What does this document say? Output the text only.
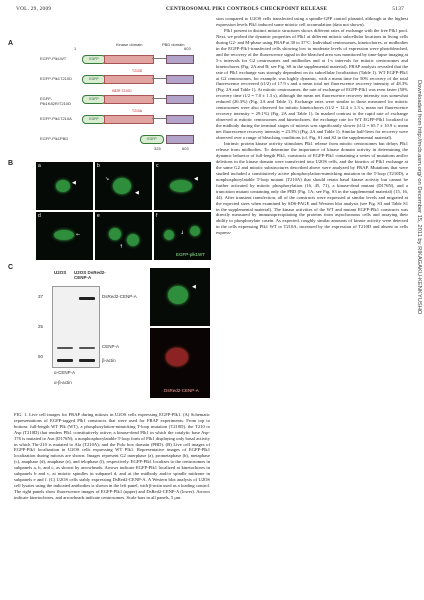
VOL. 29, 2009	CENTROSOMAL PIK1 CONTROLS CHECKPOINT RELEASE	5137
A	Kinase domain	PBD domain
1	603
EGFP-Plk1WT	EGFP
EGFP-Plk1T210D	EGFP
T210D
EGFP-Plk1K82R/T210D
EGFP
K82R T210D
EGFP-Plk1T210A	EGFP
T210A
EGFP-Plk1PBD	EGFP
325	603
B	a
◀
b
↘
◀
c
◀
d
←
e
↑
f
↓
EGFP-plk1WT
C
U2OS U2OS DsRed2-CENP-A
37
25
50
DsRed2-CENP-A
CENP-A
β-actin
α-CENP-A
α-β-actin
◀
DsRed2-CENP-A
FIG. 1. Live cell images for FRAP during mitosis in U2OS cells expressing EGFP-Plk1. (A) Schematic representations of EGFP-tagged Plk1 constructs that were used for FRAP experiments. From top to bottom: full-length WT Plk (WT), a phosphorylation-mimicking T-loop mutation (T210D), the T210 to Asp (T210D) that renders Plk1 constitutively active; a kinase-dead Plk1 in which the catalytic base Asp-176 is mutated to Asn (D176N); a nonphosphorylatable T-loop form of Plk1 displaying only basal activity in which Thr-210 is mutated to Ala (T210A); and the Polo box domain (PBD). (B) Live cell images of EGFP-Plk1 localization in U2OS cells expressing WT Plk1. Representative images of EGFP-Plk1 localization during mitosis are shown. Images represent G2 interphase (a), prometaphase (b), metaphase (c), anaphase (d), anaphase (e), and telophase (f), respectively. EGFP-Plk1 localizes to the centrosomes in subpanels a, b, and c, as shown by arrowheads. Arrows indicate EGFP-Plk1 localized at kinetochores in subpanels b and c, at mitotic spindles in subpanel d, and at the midbody and/or spindle midzone in subpanels e and f. (C) U2OS cells stably expressing DsRed2-CENP-A. A Western blot analysis of U2OS cell lysates using the indicated antibodies is shown in the left panel, with β-actin used as a loading control. The right panels show fluorescence images of EGFP-Plk1 (upper) and DsRed2-CENP-A (lower). Arrows indicate kinetochores, and arrowheads indicate centrosomes. Scale bars in all panels, 5 μm.

sion compared to U2OS cells transfected using a spindle-GFP control plasmid, although at the highest expression levels Plk1 induced some mitotic cell accumulation (data not shown).

Plk1 present in distinct mitotic structures shows different rates of exchange with the free Plk1 pool. Next, we probed the dynamic properties of Plk1 at different mitotic subcellular locations in living cells during G2- and M-phase using FRAP at 30 to 37°C. Individual centrosomes, kinetochores, or midbodies in the EGFP-Plk1-transfected cells showing low to moderate levels of expression were photobleached, and the recovery of the fluorescence signal in the bleached area was monitored by time-lapse imaging at 5-s intervals for G2 centrosomes and midbodies and at 1-s intervals for mitotic centrosomes and kinetochores (Fig. 2A and B; see Fig. S8 in the supplemental material). FRAP analysis revealed that the rate of Plk1 exchange was strongly dependent on its subcellular localization (Table 1). WT EGFP-Plk1 at G2 centrosomes, for example, was highly dynamic, with a mean time for 50% recovery of the total fluorescence recovered (t1/2) of 17.9 s and a mean total net fluorescence recovery intensity of 48.3% (Fig. 2A and Table 1). At mitotic centrosomes, the rate of exchange of EGFP-Plk1 was even faster (50% recovery time t1/2 = 7.0 ± 1.3 s), although the mean net fluorescence recovery intensity was somewhat reduced (26.3%) (Fig. 2A and Table 1). Exchange rates were similar to those measured for mitotic centrosomes were also observed for mitotic kinetochores (t1/2 = 12.4 ± 1.3 s, mean net fluorescence recovery intensity = 29.1%) (Fig. 2A and Table 1). In marked contrast to the rapid rate of exchange observed at mitotic centrosomes and kinetochores, the exchange rate for WT EGFP-Plk1 localized to the midbody during the terminal stages of mitosis was significantly slower (t1/2 = 65.7 ± 10.9 s; mean net fluorescence recovery intensity = 23.5%) (Fig. 2A and Table 1). Similar half-lives for recovery were observed over a range of bleaching conditions (cf. Fig. S1 and S2 in the supplemental material).

Intrinsic protein kinase activity stimulates Plk1 release from mitotic centrosomes but delays Plk1 release from midbodies. To determine the importance of kinase domain activity in determining the dynamic behavior of full-length Plk1, constructs of EGFP-Plk1 containing a series of mutations and/or deletions in the kinase domain were transfected into U2OS cells, and the kinetics of Plk1 exchange at the same G2 and mitotic substructures described above were analyzed by FRAP. Mutations that were studied included a constitutively active phosphorylation-mimicking mutation in the T-loop (T210D), a nonphosphorylatable T-loop mutant (T210A) that should retain basal kinase activity but cannot be further activated by mitotic phosphorylation (16, 45, 71), a kinase-dead mutant (D176N), and a truncation mutant containing only the PBD (Fig. 1A; see Fig. S3 in the supplemental material) (15, 16, 44). After transient transfection, all of the constructs were expressed at similar levels and migrated at the expected sizes when examined by SDS-PAGE and Western blot analysis (see Fig. S3 and Table S1 in the supplemental material). The kinase activities of the WT and mutant EGFP-Plk1 constructs was directly measured by immunoprecipitating the proteins from asynchronous cells and assaying their ability to phosphorylate casein. As expected, roughly similar amounts of kinase activity were detected in the cells expressing Plk1 WT or T210A, increased by the expression of T210D and absent in cells express-	Downloaded from http://mcb.asm.org/ on December 15, 2011 by RIKAGAKU-KENKYUSHO
